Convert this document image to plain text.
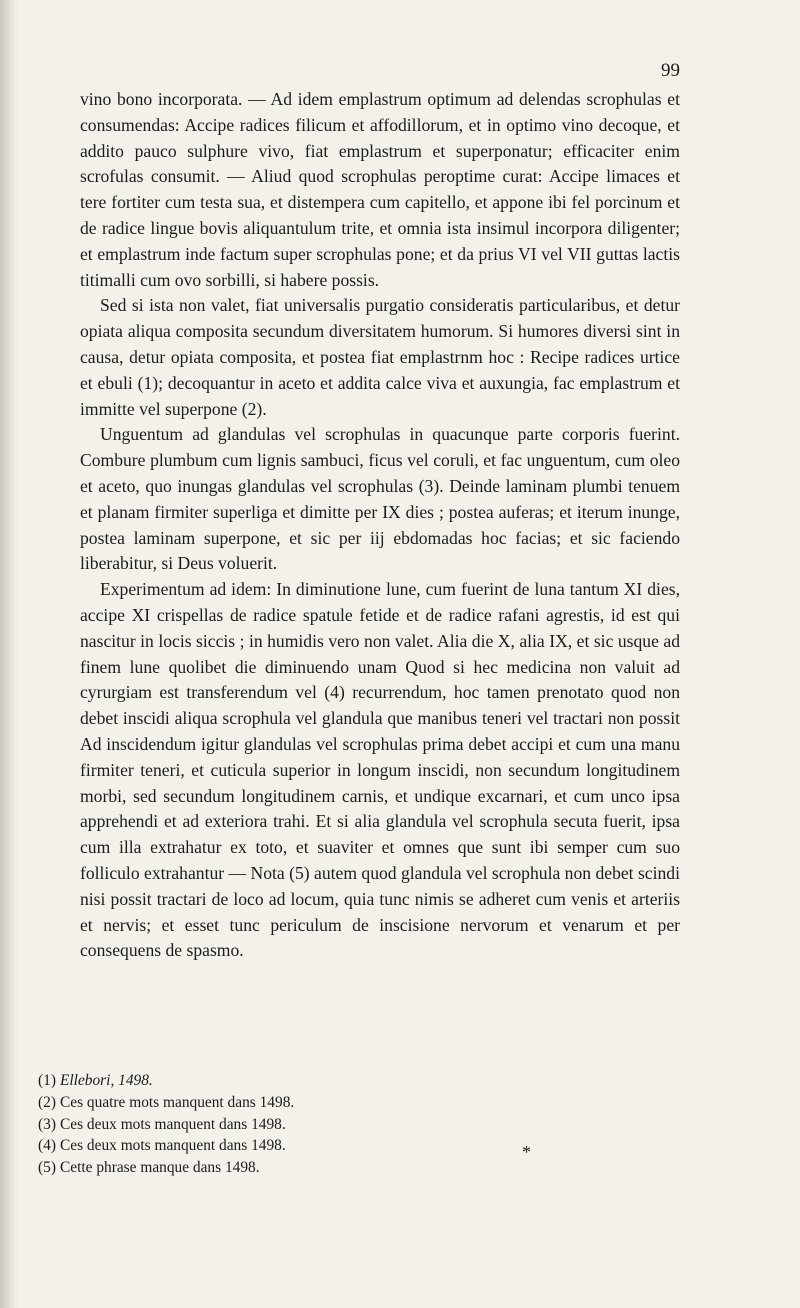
99

vino bono incorporata. — Ad idem emplastrum optimum ad delendas scrophulas et consumendas: Accipe radices filicum et affodillorum, et in optimo vino decoque, et addito pauco sulphure vivo, fiat emplastrum et superponatur; efficaciter enim scrofulas consumit. — Aliud quod scrophulas peroptime curat: Accipe limaces et tere fortiter cum testa sua, et distempera cum capitello, et appone ibi fel porcinum et de radice lingue bovis aliquantulum trite, et omnia ista insimul incorpora diligenter; et emplastrum inde factum super scrophulas pone; et da prius VI vel VII guttas lactis titimalli cum ovo sorbilli, si habere possis.

Sed si ista non valet, fiat universalis purgatio consideratis particularibus, et detur opiata aliqua composita secundum diversitatem humorum. Si humores diversi sint in causa, detur opiata composita, et postea fiat emplastrnm hoc : Recipe radices urtice et ebuli (1); decoquantur in aceto et addita calce viva et auxungia, fac emplastrum et immitte vel superpone (2).

Unguentum ad glandulas vel scrophulas in quacunque parte corporis fuerint. Combure plumbum cum lignis sambuci, ficus vel coruli, et fac unguentum, cum oleo et aceto, quo inungas glandulas vel scrophulas (3). Deinde laminam plumbi tenuem et planam firmiter superliga et dimitte per IX dies ; postea auferas; et iterum inunge, postea laminam superpone, et sic per iij ebdomadas hoc facias; et sic faciendo liberabitur, si Deus voluerit.

Experimentum ad idem: In diminutione lune, cum fuerint de luna tantum XI dies, accipe XI crispellas de radice spatule fetide et de radice rafani agrestis, id est qui nascitur in locis siccis ; in humidis vero non valet. Alia die X, alia IX, et sic usque ad finem lune quolibet die diminuendo unam Quod si hec medicina non valuit ad cyrurgiam est transferendum vel (4) recurrendum, hoc tamen prenotato quod non debet inscidi aliqua scrophula vel glandula que manibus teneri vel tractari non possit Ad inscidendum igitur glandulas vel scrophulas prima debet accipi et cum una manu firmiter teneri, et cuticula superior in longum inscidi, non secundum longitudinem morbi, sed secundum longitudinem carnis, et undique excarnari, et cum unco ipsa apprehendi et ad exteriora trahi. Et si alia glandula vel scrophula secuta fuerit, ipsa cum illa extrahatur ex toto, et suaviter et omnes que sunt ibi semper cum suo folliculo extrahantur — Nota (5) autem quod glandula vel scrophula non debet scindi nisi possit tractari de loco ad locum, quia tunc nimis se adheret cum venis et arteriis et nervis; et esset tunc periculum de inscisione nervorum et venarum et per consequens de spasmo.

(1) Ellebori, 1498.
(2) Ces quatre mots manquent dans 1498.
(3) Ces deux mots manquent dans 1498.
(4) Ces deux mots manquent dans 1498.
(5) Cette phrase manque dans 1498.
*
